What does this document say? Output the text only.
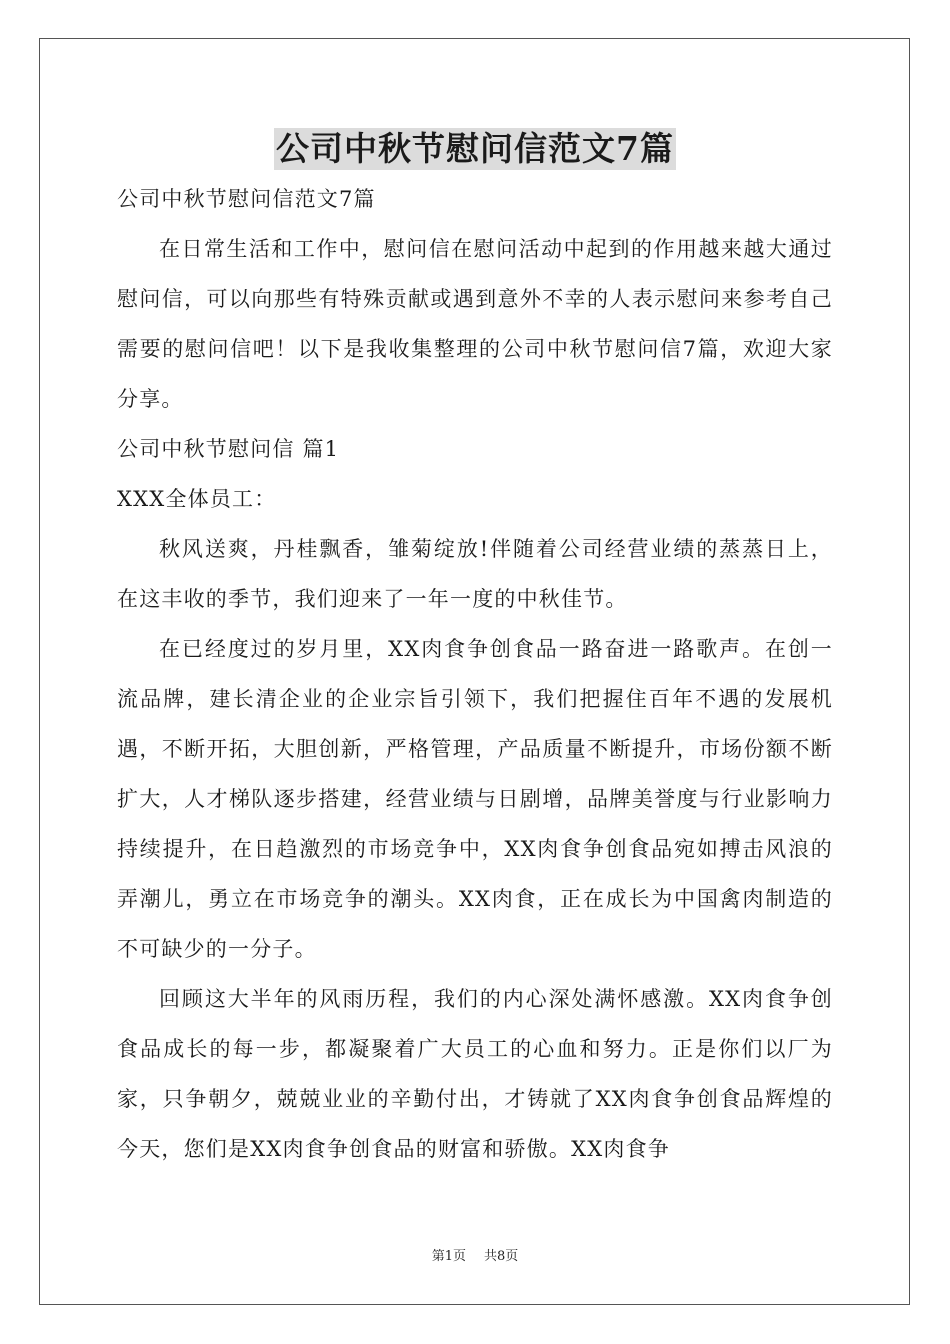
公司中秋节慰问信范文7篇

公司中秋节慰问信范文7篇

在日常生活和工作中，慰问信在慰问活动中起到的作用越来越大通过慰问信，可以向那些有特殊贡献或遇到意外不幸的人表示慰问来参考自己需要的慰问信吧！以下是我收集整理的公司中秋节慰问信7篇，欢迎大家分享。

公司中秋节慰问信 篇1

XXX全体员工：

秋风送爽，丹桂飘香，雏菊绽放!伴随着公司经营业绩的蒸蒸日上，在这丰收的季节，我们迎来了一年一度的中秋佳节。

在已经度过的岁月里，XX肉食争创食品一路奋进一路歌声。在创一流品牌，建长清企业的企业宗旨引领下，我们把握住百年不遇的发展机遇，不断开拓，大胆创新，严格管理，产品质量不断提升，市场份额不断扩大，人才梯队逐步搭建，经营业绩与日剧增，品牌美誉度与行业影响力持续提升，在日趋激烈的市场竞争中，XX肉食争创食品宛如搏击风浪的弄潮儿，勇立在市场竞争的潮头。XX肉食，正在成长为中国禽肉制造的不可缺少的一分子。

回顾这大半年的风雨历程，我们的内心深处满怀感激。XX肉食争创食品成长的每一步，都凝聚着广大员工的心血和努力。正是你们以厂为家，只争朝夕，兢兢业业的辛勤付出，才铸就了XX肉食争创食品辉煌的今天，您们是XX肉食争创食品的财富和骄傲。XX肉食争

第1页 共8页
